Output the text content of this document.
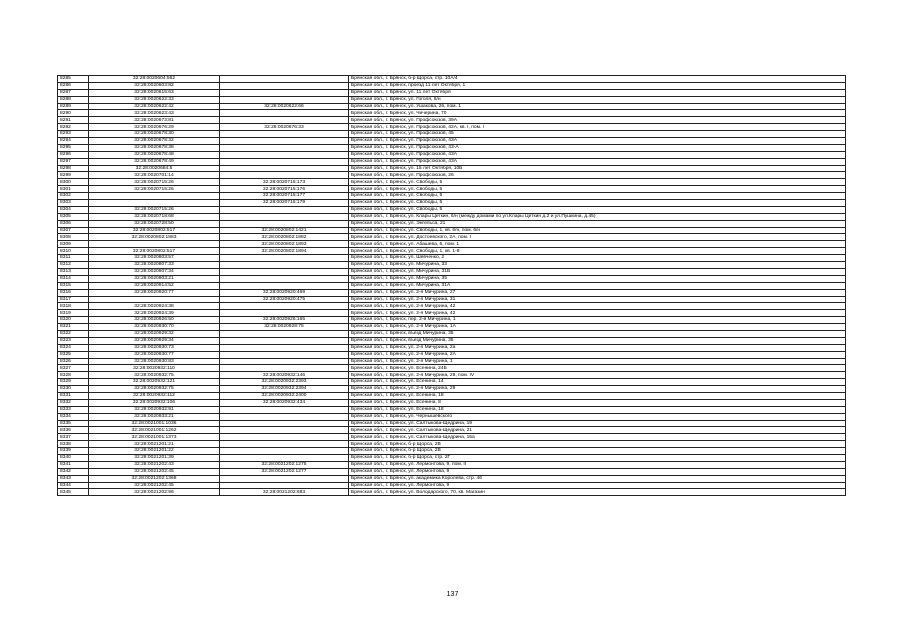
8285	32:28:0020604:562		Брянская обл., г. Брянск, б-р Щорса, стр. 10А/4
8286	32:28:0020603:82		Брянская обл., г. Брянск, проезд 11 лет Октября, 1
8287	32:28:0020615:63		Брянская обл., г. Брянск, ул. 11 лет Октября
8288	32:28:0020622:33		Брянская обл., г. Брянск, ул. Гоголя, 6/н
8289	32:28:0020622:42	32:28:0020622:66	Брянская обл., г. Брянск, ул. Ушакова, 26, пом. 1
8290	32:28:0020623:43		Брянская обл., г. Брянск, ул. Чичерина, 70
8291	32:28:0020673:81		Брянская обл., г. Брянск, ул. Профсоюзов, 39А
8292	32:28:0020676:29	32:28:0020676:33	Брянская обл., г. Брянск, ул. Профсоюзов, 42А, кв. I, пом. I
8293	32:28:0020678:30		Брянская обл., г. Брянск, ул. Профсоюзов, 45
8294	32:28:0020678:32		Брянская обл., г. Брянск, ул. Профсоюзов, 43А
8295	32:28:0020678:38		Брянская обл., г. Брянск, ул. Профсоюзов, 43-А
8296	32:28:0020678:48		Брянская обл., г. Брянск, ул. Профсоюзов, 43А
8297	32:28:0020678:49		Брянская обл., г. Брянск, ул. Профсоюзов, 43А
8298	32:28:0020684:5		Брянская обл., г. Брянск, ул. 15 лет Октября, 10Б
8299	32:28:0020701:14		Брянская обл., г. Брянск, ул. Профсоюзов, 26
8300	32:28:0020715:26	32:28:0020715:173	Брянская обл., г. Брянск, ул. Свободы, 5
8301	32:28:0020715:26	32:28:0020715:176	Брянская обл., г. Брянск, ул. Свободы, 5
8302		32:28:0020715:177	Брянская обл., г. Брянск, ул. Свободы, 5
8303		32:28:0020715:179	Брянская обл., г. Брянск, ул. Свободы, 5
8304	32:28:0020715:26		Брянская обл., г. Брянск, ул. Свободы, 5
8305	32:28:0020718:68		Брянская обл., г. Брянск, ул. Клары Цеткин, 6/н (между домами по ул.Клары Цеткин д.2 и ул.Пушкина, д.45)
8306	32:28:0020728:50		Брянская обл., г. Брянск, ул. Энгельса, 21
8307	32:28:0020802:517	32:28:0020802:1421	Брянская обл., г. Брянск, ул. Свободы, 1, кв. 6/н, пом. 6/н
8308	32:28:0020802:1883	32:28:0020802:1882	Брянская обл., г. Брянск, ул. Достоевского, 2А, пом. I
8309		32:28:0020802:1893	Брянская обл., г. Брянск, ул. Абашева, 6, пом. 1
8310	32:28:0020802:517	32:28:0020802:1894	Брянская обл., г. Брянск, ул. Свободы, 1, кв. 1-8
8311	32:28:0020803:57		Брянская обл., г. Брянск, ул. Шевченко, 2
8312	32:28:0020807:33		Брянская обл., г. Брянск, ул. Мичурина, 33
8313	32:28:0020807:34		Брянская обл., г. Брянск, ул. Мичурина, 31Б
8314	32:28:0020903:21		Брянская обл., г. Брянск, ул. Мичурина, 35
8315	32:28:0020914:52		Брянская обл., г. Брянск, ул. Мичурина, 31А
8316	32:28:0020920:77	32:28:0020920:469	Брянская обл., г. Брянск, ул. 2-я Мичурина, 27
8317		32:28:0020920:475	Брянская обл., г. Брянск, ул. 2-я Мичурина, 31
8318	32:28:0020924:38		Брянская обл., г. Брянск, ул. 2-я Мичурина, 42
8319	32:28:0020924:39		Брянская обл., г. Брянск, ул. 2-я Мичурина, 42
8320	32:28:0020926:50	32:28:0020926:165	Брянская обл., г. Брянск, пер. 2-й Мичурина, 1
8321	32:28:0020930:70	32:28:0020928:75	Брянская обл., г. Брянск, ул. 2-я Мичурина, 1А
8322	32:28:0020929:32		Брянская обл., г. Брянск, въезд Мичурина, 35
8323	32:28:0020929:34		Брянская обл., г. Брянск, въезд Мичурина, 35
8324	32:28:0020930:73		Брянская обл., г. Брянск, ул. 2-я Мичурина, 2а
8325	32:28:0020930:77		Брянская обл., г. Брянск, ул. 2-я Мичурина, 2А
8326	32:28:0020930:83		Брянская обл., г. Брянск, ул. 2-я Мичурина, 1
8327	32:28:0020932:110		Брянская обл., г. Брянск, ул. Есенина, 24Б
8328	32:28:0020932:75	32:28:0020932:146	Брянская обл., г. Брянск, ул. 2-я Мичурина, 29, пом. IV
8329	32:28:0020932:121	32:28:0020932:2393	Брянская обл., г. Брянск, ул. Есенина, 14
8330	32:28:0020932:75	32:28:0020932:2394	Брянская обл., г. Брянск, ул. 2-я Мичурина, 29
8331	32:28:0020932:112	32:28:0020932:2400	Брянская обл., г. Брянск, ул. Есенина, 18
8332	32:28:0020932:106	32:28:0020932:434	Брянская обл., г. Брянск, ул. Есенина, 8
8333	32:28:0020932:91		Брянская обл., г. Брянск, ул. Есенина, 18
8334	32:28:0020933:21		Брянская обл., г. Брянск, ул. Чернышевского
8335	32:28:0021001:1036		Брянская обл., г. Брянск, ул. Салтыкова-Щедрина, 19
8336	32:28:0021001:1262		Брянская обл., г. Брянск, ул. Салтыкова-Щедрина, 21
8337	32:28:0021001:1373		Брянская обл., г. Брянск, ул. Салтыкова-Щедрина, 15а
8338	32:28:0021201:21		Брянская обл., г. Брянск, б-р Щорса, 2В
8339	32:28:0021201:22		Брянская обл., г. Брянск, б-р Щорса, 2В
8340	32:28:0021201:39		Брянская обл., г. Брянск, б-р Щорса, стр. 2Г
8341	32:28:0021202:43	32:28:0021202:1275	Брянская обл., г. Брянск, ул. Лермонтова, 9, пом. II
8342	32:28:0021202:45	32:28:0021202:1277	Брянская обл., г. Брянск, ул. Лермонтова, 9
8343	32:28:0021202:1368		Брянская обл., г. Брянск, ул. академика Королева, стр. 46
8344	32:28:0021202:45		Брянская обл., г. Брянск, ул. Лермонтова, 9
8345	32:28:0021202:96	32:28:0021202:683	Брянская обл., г. Брянск, ул. Володарского, 70, кв. Магазин
137
